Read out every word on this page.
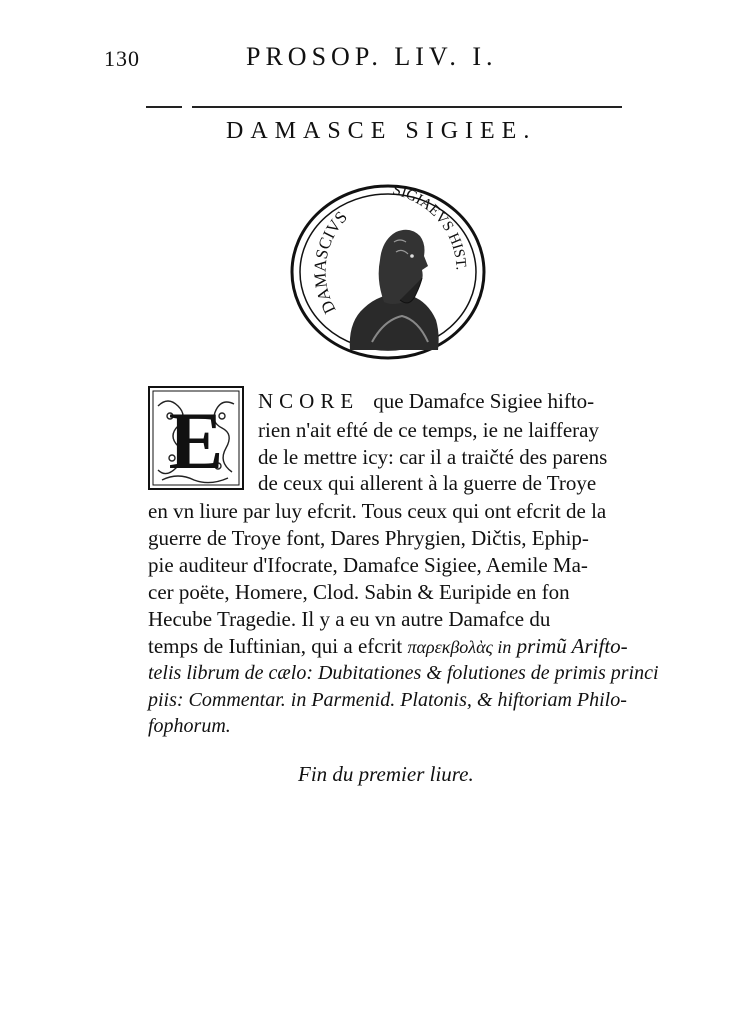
130	PROSOP. LIV. I.
DAMASCE SIGIEE.
DAMASCIVS
SIGIAEVS HIST.
E NCORE que Damafce Sigiee hifto-
rien n'ait efté de ce temps, ie ne laifferay
de le mettre icy: car il a traičté des parens
de ceux qui allerent à la guerre de Troye
en vn liure par luy efcrit. Tous ceux qui ont efcrit de la
guerre de Troye font, Dares Phrygien, Dičtis, Ephip-
pie auditeur d'Ifocrate, Damafce Sigiee, Aemile Ma-
cer poëte, Homere, Clod. Sabin & Euripide en fon
Hecube Tragedie. Il y a eu vn autre Damafce du
temps de Iuftinian, qui a efcrit παρεκβολὰς in primũ Arifto-
telis librum de cælo: Dubitationes & folutiones de primis princi
piis: Commentar. in Parmenid. Platonis, & hiftoriam Philo-
fophorum.
Fin du premier liure.
